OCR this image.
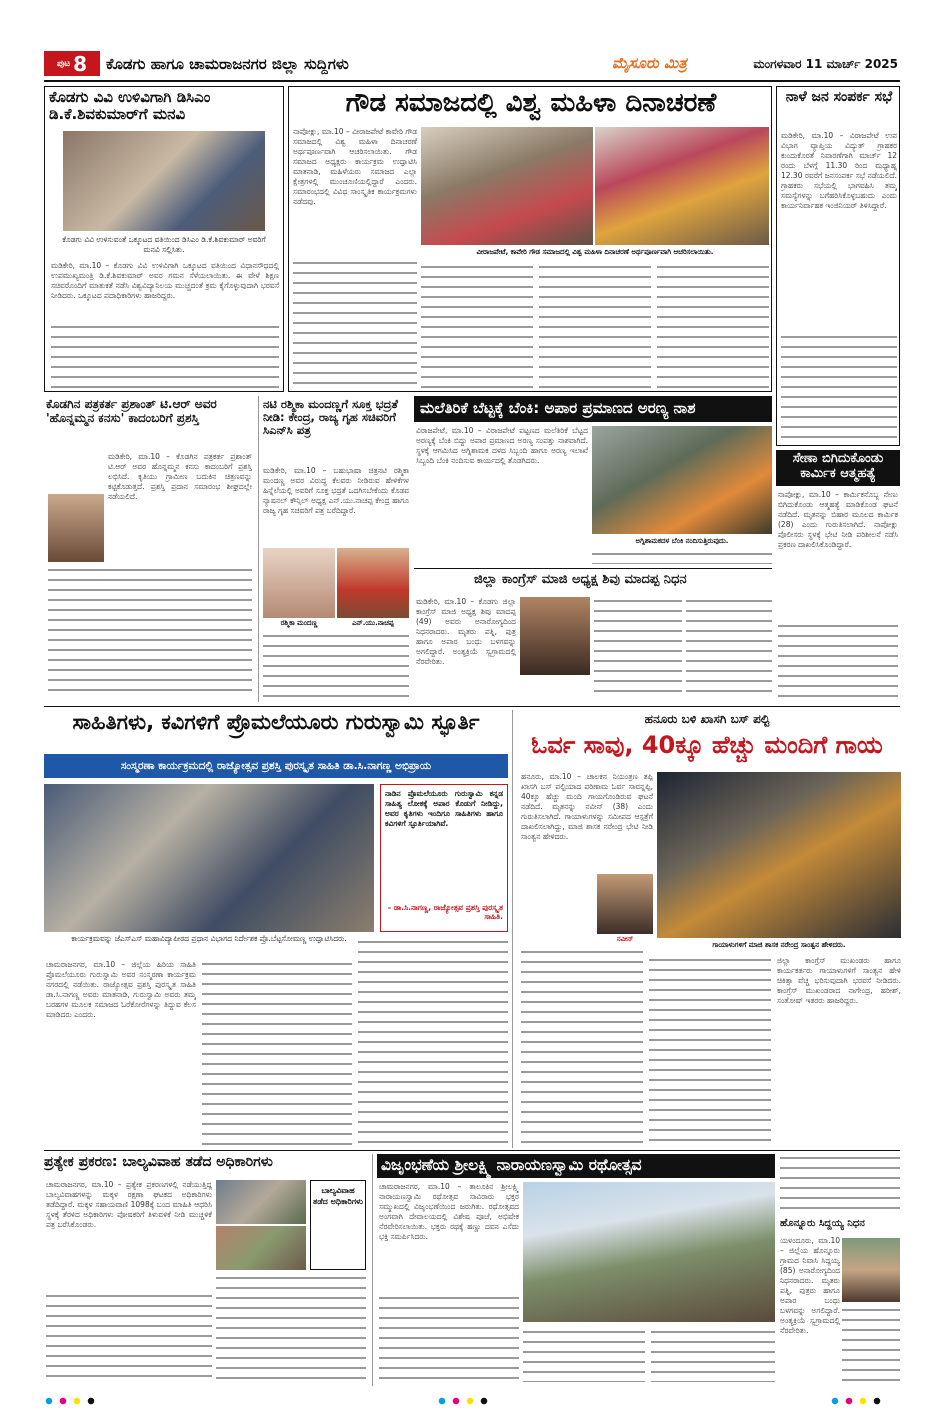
ಪುಟ 8 ಕೊಡಗು ಹಾಗೂ ಚಾಮರಾಜನಗರ ಜಿಲ್ಲಾ ಸುದ್ದಿಗಳು	ಮೈಸೂರು ಮಿತ್ರ	ಮಂಗಳವಾರ 11 ಮಾರ್ಚ್ 2025
ಕೊಡಗು ವಿವಿ ಉಳಿವಿಗಾಗಿ ಡಿಸಿಎಂ ಡಿ.ಕೆ.ಶಿವಕುಮಾರ್‌ಗೆ ಮನವಿ
ಕೊಡಗು ವಿವಿ ಉಳಿಸುವಂತೆ ಒಕ್ಕೂಟದ ವತಿಯಿಂದ ಡಿಸಿಎಂ ಡಿ.ಕೆ.ಶಿವಕುಮಾರ್‌ ಅವರಿಗೆ ಮನವಿ ಸಲ್ಲಿಸಿತು.
ಮಡಿಕೇರಿ, ಮಾ.10 – ಕೊಡಗು ವಿವಿ ಉಳಿವಿಗಾಗಿ ಒಕ್ಕೂಟದ ವತಿಯಿಂದ ವಿಧಾನಸೌಧದಲ್ಲಿ ಉಪಮುಖ್ಯಮಂತ್ರಿ ಡಿ.ಕೆ.ಶಿವಕುಮಾರ್ ಅವರ ಗಮನ ಸೆಳೆಯಲಾಯಿತು. ಈ ವೇಳೆ ಶಿಕ್ಷಣ ಸಚಿವರೊಂದಿಗೆ ಮಾತುಕತೆ ನಡೆಸಿ ವಿಶ್ವವಿದ್ಯಾನಿಲಯ ಮುಚ್ಚದಂತೆ ಕ್ರಮ ಕೈಗೊಳ್ಳುವುದಾಗಿ ಭರವಸೆ ನೀಡಿದರು. ಒಕ್ಕೂಟದ ಪದಾಧಿಕಾರಿಗಳು ಹಾಜರಿದ್ದರು.
ಗೌಡ ಸಮಾಜದಲ್ಲಿ ವಿಶ್ವ ಮಹಿಳಾ ದಿನಾಚರಣೆ
ನಾಪೋಕ್ಲು, ಮಾ.10 – ವೀರಾಜಪೇಟೆ ಕಾವೇರಿ ಗೌಡ ಸಮಾಜದಲ್ಲಿ ವಿಶ್ವ ಮಹಿಳಾ ದಿನಾಚರಣೆ ಅರ್ಥಪೂರ್ಣವಾಗಿ ಆಚರಿಸಲಾಯಿತು. ಗೌಡ ಸಮಾಜದ ಅಧ್ಯಕ್ಷರು ಕಾರ್ಯಕ್ರಮ ಉದ್ಘಾಟಿಸಿ ಮಾತನಾಡಿ, ಮಹಿಳೆಯರು ಸಮಾಜದ ಎಲ್ಲಾ ಕ್ಷೇತ್ರಗಳಲ್ಲಿ ಮುಂಚೂಣಿಯಲ್ಲಿದ್ದಾರೆ ಎಂದರು. ಸಮಾರಂಭದಲ್ಲಿ ವಿವಿಧ ಸಾಂಸ್ಕೃತಿಕ ಕಾರ್ಯಕ್ರಮಗಳು ನಡೆದವು.
ವೀರಾಜಪೇಟೆ, ಕಾವೇರಿ ಗೌಡ ಸಮಾಜದಲ್ಲಿ ವಿಶ್ವ ಮಹಿಳಾ ದಿನಾಚರಣೆ ಅರ್ಥಪೂರ್ಣವಾಗಿ ಆಚರಿಸಲಾಯಿತು.
ನಾಳೆ ಜನ ಸಂಪರ್ಕ ಸಭೆ
ಮಡಿಕೇರಿ, ಮಾ.10 – ವಿರಾಜಪೇಟೆ ಉಪ ವಿಭಾಗ ವ್ಯಾಪ್ತಿಯ ವಿದ್ಯುತ್ ಗ್ರಾಹಕರ ಕುಂದುಕೊರತೆ ನಿವಾರಣೆಗಾಗಿ ಮಾರ್ಚ್ 12 ರಂದು ಬೆಳಗ್ಗೆ 11.30 ರಿಂದ ಮಧ್ಯಾಹ್ನ 12.30 ರವರೆಗೆ ಜನಸಂಪರ್ಕ ಸಭೆ ನಡೆಯಲಿದೆ. ಗ್ರಾಹಕರು ಸಭೆಯಲ್ಲಿ ಭಾಗವಹಿಸಿ ತಮ್ಮ ಸಮಸ್ಯೆಗಳನ್ನು ಬಗೆಹರಿಸಿಕೊಳ್ಳಬಹುದು ಎಂದು ಕಾರ್ಯನಿರ್ವಾಹಕ ಇಂಜಿನಿಯರ್ ತಿಳಿಸಿದ್ದಾರೆ.
ಸೇಣಾ ಬಿಗಿದುಕೊಂಡು ಕಾರ್ಮಿಕ ಆತ್ಮಹತ್ಯೆ
ನಾಪೋಕ್ಲು, ಮಾ.10 – ಕಾರ್ಮಿಕನೊಬ್ಬ ನೇಣು ಬಿಗಿದುಕೊಂಡು ಆತ್ಮಹತ್ಯೆ ಮಾಡಿಕೊಂಡ ಘಟನೆ ನಡೆದಿದೆ. ಮೃತನನ್ನು ಬಿಹಾರ ಮೂಲದ ಕಾರ್ಮಿಕ (28) ಎಂದು ಗುರುತಿಸಲಾಗಿದೆ. ನಾಪೋಕ್ಲು ಪೊಲೀಸರು ಸ್ಥಳಕ್ಕೆ ಭೇಟಿ ನೀಡಿ ಪರಿಶೀಲನೆ ನಡೆಸಿ ಪ್ರಕರಣ ದಾಖಲಿಸಿಕೊಂಡಿದ್ದಾರೆ.
ಕೊಡಗಿನ ಪತ್ರಕರ್ತ ಪ್ರಶಾಂತ್ ಟಿ.ಆರ್ ಅವರ 'ಹೊನ್ನಮ್ಮನ ಕನಸು' ಕಾದಂಬರಿಗೆ ಪ್ರಶಸ್ತಿ
ಮಡಿಕೇರಿ, ಮಾ.10 – ಕೊಡಗಿನ ಪತ್ರಕರ್ತ ಪ್ರಶಾಂತ್ ಟಿ.ಆರ್ ಅವರ ಹೊನ್ನಮ್ಮನ ಕನಸು ಕಾದಂಬರಿಗೆ ಪ್ರಶಸ್ತಿ ಲಭಿಸಿದೆ. ಕೃತಿಯು ಗ್ರಾಮೀಣ ಬದುಕಿನ ಚಿತ್ರಣವನ್ನು ಕಟ್ಟಿಕೊಡುತ್ತದೆ. ಪ್ರಶಸ್ತಿ ಪ್ರದಾನ ಸಮಾರಂಭ ಶೀಘ್ರದಲ್ಲೇ ನಡೆಯಲಿದೆ.
ನಟಿ ರಶ್ಮಿಕಾ ಮಂದಣ್ಣಗೆ ಸೂಕ್ತ ಭದ್ರತೆ ನೀಡಿ: ಕೇಂದ್ರ, ರಾಜ್ಯ ಗೃಹ ಸಚಿವರಿಗೆ ಸಿಎನ್‌ಸಿ ಪತ್ರ
ಮಡಿಕೇರಿ, ಮಾ.10 – ಬಹುಭಾಷಾ ಚಿತ್ರನಟಿ ರಶ್ಮಿಕಾ ಮಂದಣ್ಣ ಅವರ ವಿರುದ್ಧ ಕೆಲವರು ನೀಡಿರುವ ಹೇಳಿಕೆಗಳ ಹಿನ್ನೆಲೆಯಲ್ಲಿ ಅವರಿಗೆ ಸೂಕ್ತ ಭದ್ರತೆ ಒದಗಿಸಬೇಕೆಂದು ಕೊಡವ ನ್ಯಾಷನಲ್ ಕೌನ್ಸಿಲ್ ಅಧ್ಯಕ್ಷ ಎನ್.ಯು.ನಾಚಪ್ಪ ಕೇಂದ್ರ ಹಾಗೂ ರಾಜ್ಯ ಗೃಹ ಸಚಿವರಿಗೆ ಪತ್ರ ಬರೆದಿದ್ದಾರೆ.
ರಶ್ಮಿಕಾ ಮಂದಣ್ಣ	ಎನ್.ಯು.ನಾಚಪ್ಪ
ಮಲೆತಿರಿಕೆ ಬೆಟ್ಟಕ್ಕೆ ಬೆಂಕಿ: ಅಪಾರ ಪ್ರಮಾಣದ ಅರಣ್ಯ ನಾಶ
ವಿರಾಜಪೇಟೆ, ಮಾ.10 – ವಿರಾಜಪೇಟೆ ಪಟ್ಟಣದ ಮಲೆತಿರಿಕೆ ಬೆಟ್ಟದ ಅರಣ್ಯಕ್ಕೆ ಬೆಂಕಿ ಬಿದ್ದು ಅಪಾರ ಪ್ರಮಾಣದ ಅರಣ್ಯ ಸಂಪತ್ತು ನಾಶವಾಗಿದೆ. ಸ್ಥಳಕ್ಕೆ ಆಗಮಿಸಿದ ಅಗ್ನಿಶಾಮಕ ದಳದ ಸಿಬ್ಬಂದಿ ಹಾಗೂ ಅರಣ್ಯ ಇಲಾಖೆ ಸಿಬ್ಬಂದಿ ಬೆಂಕಿ ನಂದಿಸುವ ಕಾರ್ಯದಲ್ಲಿ ತೊಡಗಿದರು.
ಅಗ್ನಿಶಾಮಕದಳ ಬೆಂಕಿ ನಂದಿಸುತ್ತಿರುವುದು.
ಜಿಲ್ಲಾ ಕಾಂಗ್ರೆಸ್ ಮಾಜಿ ಅಧ್ಯಕ್ಷ ಶಿವು ಮಾದಪ್ಪ ನಿಧನ
ಮಡಿಕೇರಿ, ಮಾ.10 – ಕೊಡಗು ಜಿಲ್ಲಾ ಕಾಂಗ್ರೆಸ್ ಮಾಜಿ ಅಧ್ಯಕ್ಷ ಶಿವು ಮಾದಪ್ಪ (49) ಅವರು ಅನಾರೋಗ್ಯದಿಂದ ನಿಧನರಾದರು. ಮೃತರು ಪತ್ನಿ, ಪುತ್ರ ಹಾಗೂ ಅಪಾರ ಬಂಧು ಬಳಗವನ್ನು ಅಗಲಿದ್ದಾರೆ. ಅಂತ್ಯಕ್ರಿಯೆ ಸ್ವಗ್ರಾಮದಲ್ಲಿ ನೆರವೇರಿತು.
ಸಾಹಿತಿಗಳು, ಕವಿಗಳಿಗೆ ಪ್ರೊಮಲೆಯೂರು ಗುರುಸ್ವಾಮಿ ಸ್ಫೂರ್ತಿ
ಸಂಸ್ಮರಣಾ ಕಾರ್ಯಕ್ರಮದಲ್ಲಿ ರಾಜ್ಯೋತ್ಸವ ಪ್ರಶಸ್ತಿ ಪುರಸ್ಕೃತ ಸಾಹಿತಿ ಡಾ.ಸಿ.ನಾಗಣ್ಣ ಅಭಿಪ್ರಾಯ
ನಾಡಿನ ಪ್ರೊಮಲೆಯೂರು ಗುರುಸ್ವಾಮಿ ಕನ್ನಡ ಸಾಹಿತ್ಯ ಲೋಕಕ್ಕೆ ಅಪಾರ ಕೊಡುಗೆ ನೀಡಿದ್ದು, ಅವರ ಕೃತಿಗಳು ಇಂದಿಗೂ ಸಾಹಿತಿಗಳು ಹಾಗೂ ಕವಿಗಳಿಗೆ ಸ್ಫೂರ್ತಿಯಾಗಿವೆ.
– ಡಾ.ಸಿ.ನಾಗಣ್ಣ, ರಾಜ್ಯೋತ್ಸವ ಪ್ರಶಸ್ತಿ ಪುರಸ್ಕೃತ ಸಾಹಿತಿ.
ಕಾರ್ಯಕ್ರಮವನ್ನು ಜೆಎಸ್‌ಎಸ್ ಮಹಾವಿದ್ಯಾಪೀಠದ ಪ್ರಧಾನ ವಿಭಾಗದ ನಿರ್ದೇಶಕ ಪ್ರೊ.ಬೆಟ್ಟಸೋಮಣ್ಣ ಉದ್ಘಾಟಿಸಿದರು.
ಚಾಮರಾಜನಗರ, ಮಾ.10 – ಜಿಲ್ಲೆಯ ಹಿರಿಯ ಸಾಹಿತಿ ಪ್ರೊಮಲೆಯೂರು ಗುರುಸ್ವಾಮಿ ಅವರ ಸಂಸ್ಮರಣಾ ಕಾರ್ಯಕ್ರಮ ನಗರದಲ್ಲಿ ನಡೆಯಿತು. ರಾಜ್ಯೋತ್ಸವ ಪ್ರಶಸ್ತಿ ಪುರಸ್ಕೃತ ಸಾಹಿತಿ ಡಾ.ಸಿ.ನಾಗಣ್ಣ ಅವರು ಮಾತನಾಡಿ, ಗುರುಸ್ವಾಮಿ ಅವರು ತಮ್ಮ ಬರಹಗಳ ಮೂಲಕ ಸಮಾಜದ ಓರೆಕೋರೆಗಳನ್ನು ತಿದ್ದುವ ಕೆಲಸ ಮಾಡಿದರು ಎಂದರು.
ಹನೂರು ಬಳಿ ಖಾಸಗಿ ಬಸ್ ಪಲ್ಟಿ
ಓರ್ವ ಸಾವು, 40ಕ್ಕೂ ಹೆಚ್ಚು ಮಂದಿಗೆ ಗಾಯ
ಹನೂರು, ಮಾ.10 – ಚಾಲಕನ ನಿಯಂತ್ರಣ ತಪ್ಪಿ ಖಾಸಗಿ ಬಸ್ ಪಲ್ಟಿಯಾದ ಪರಿಣಾಮ ಓರ್ವ ಸಾವನ್ನಪ್ಪಿ, 40ಕ್ಕೂ ಹೆಚ್ಚು ಮಂದಿ ಗಾಯಗೊಂಡಿರುವ ಘಟನೆ ನಡೆದಿದೆ. ಮೃತನನ್ನು ನವೀನ್ (38) ಎಂದು ಗುರುತಿಸಲಾಗಿದೆ. ಗಾಯಾಳುಗಳನ್ನು ಸಮೀಪದ ಆಸ್ಪತ್ರೆಗೆ ದಾಖಲಿಸಲಾಗಿದ್ದು, ಮಾಜಿ ಶಾಸಕ ನರೇಂದ್ರ ಭೇಟಿ ನೀಡಿ ಸಾಂತ್ವನ ಹೇಳಿದರು.
ನವೀನ್
ಗಾಯಾಳುಗಳಿಗೆ ಮಾಜಿ ಶಾಸಕ ನರೇಂದ್ರ ಸಾಂತ್ವನ ಹೇಳಿದರು.
ಜಿಲ್ಲಾ ಕಾಂಗ್ರೆಸ್ ಮುಖಂಡರು ಹಾಗೂ ಕಾರ್ಯಕರ್ತರು ಗಾಯಾಳುಗಳಿಗೆ ಸಾಂತ್ವನ ಹೇಳಿ ಚಿಕಿತ್ಸಾ ವೆಚ್ಚ ಭರಿಸುವುದಾಗಿ ಭರವಸೆ ನೀಡಿದರು. ಕಾಂಗ್ರೆಸ್ ಮುಖಂಡರಾದ ನಾಗೇಂದ್ರ, ಹರೀಶ್, ಸಂತೋಷ್ ಇತರರು ಹಾಜರಿದ್ದರು.
ಪ್ರತ್ಯೇಕ ಪ್ರಕರಣ: ಬಾಲ್ಯವಿವಾಹ ತಡೆದ ಅಧಿಕಾರಿಗಳು
ಚಾಮರಾಜನಗರ, ಮಾ.10 – ಪ್ರತ್ಯೇಕ ಪ್ರಕರಣಗಳಲ್ಲಿ ನಡೆಯುತ್ತಿದ್ದ ಬಾಲ್ಯವಿವಾಹಗಳನ್ನು ಮಕ್ಕಳ ರಕ್ಷಣಾ ಘಟಕದ ಅಧಿಕಾರಿಗಳು ತಡೆದಿದ್ದಾರೆ. ಮಕ್ಕಳ ಸಹಾಯವಾಣಿ 1098ಕ್ಕೆ ಬಂದ ಮಾಹಿತಿ ಆಧರಿಸಿ ಸ್ಥಳಕ್ಕೆ ತೆರಳಿದ ಅಧಿಕಾರಿಗಳು ಪೋಷಕರಿಗೆ ತಿಳುವಳಿಕೆ ನೀಡಿ ಮುಚ್ಚಳಿಕೆ ಪತ್ರ ಬರೆಸಿಕೊಂಡರು.
ಬಾಲ್ಯವಿವಾಹ ತಡೆದ ಅಧಿಕಾರಿಗಳು
ವಿಜೃಂಭಣೆಯ ಶ್ರೀಲಕ್ಷ್ಮಿ ನಾರಾಯಣಸ್ವಾಮಿ ರಥೋತ್ಸವ
ಚಾಮರಾಜನಗರ, ಮಾ.10 – ತಾಲೂಕಿನ ಶ್ರೀಲಕ್ಷ್ಮಿ ನಾರಾಯಣಸ್ವಾಮಿ ರಥೋತ್ಸವ ಸಾವಿರಾರು ಭಕ್ತರ ಸಮ್ಮುಖದಲ್ಲಿ ವಿಜೃಂಭಣೆಯಿಂದ ಜರುಗಿತು. ರಥೋತ್ಸವದ ಅಂಗವಾಗಿ ದೇವಾಲಯದಲ್ಲಿ ವಿಶೇಷ ಪೂಜೆ, ಅಭಿಷೇಕ ನೆರವೇರಿಸಲಾಯಿತು. ಭಕ್ತರು ರಥಕ್ಕೆ ಹಣ್ಣು ದವನ ಎಸೆದು ಭಕ್ತಿ ಸಮರ್ಪಿಸಿದರು.
ಹೊನ್ನೂರು ಸಿದ್ದಯ್ಯ ನಿಧನ
ಯಳಂದೂರು, ಮಾ.10 – ಜಿಲ್ಲೆಯ ಹೊನ್ನೂರು ಗ್ರಾಮದ ನಿವಾಸಿ ಸಿದ್ದಯ್ಯ (85) ಅನಾರೋಗ್ಯದಿಂದ ನಿಧನರಾದರು. ಮೃತರು ಪತ್ನಿ, ಪುತ್ರರು ಹಾಗೂ ಅಪಾರ ಬಂಧು ಬಳಗವನ್ನು ಅಗಲಿದ್ದಾರೆ. ಅಂತ್ಯಕ್ರಿಯೆ ಸ್ವಗ್ರಾಮದಲ್ಲಿ ನೆರವೇರಿತು.
